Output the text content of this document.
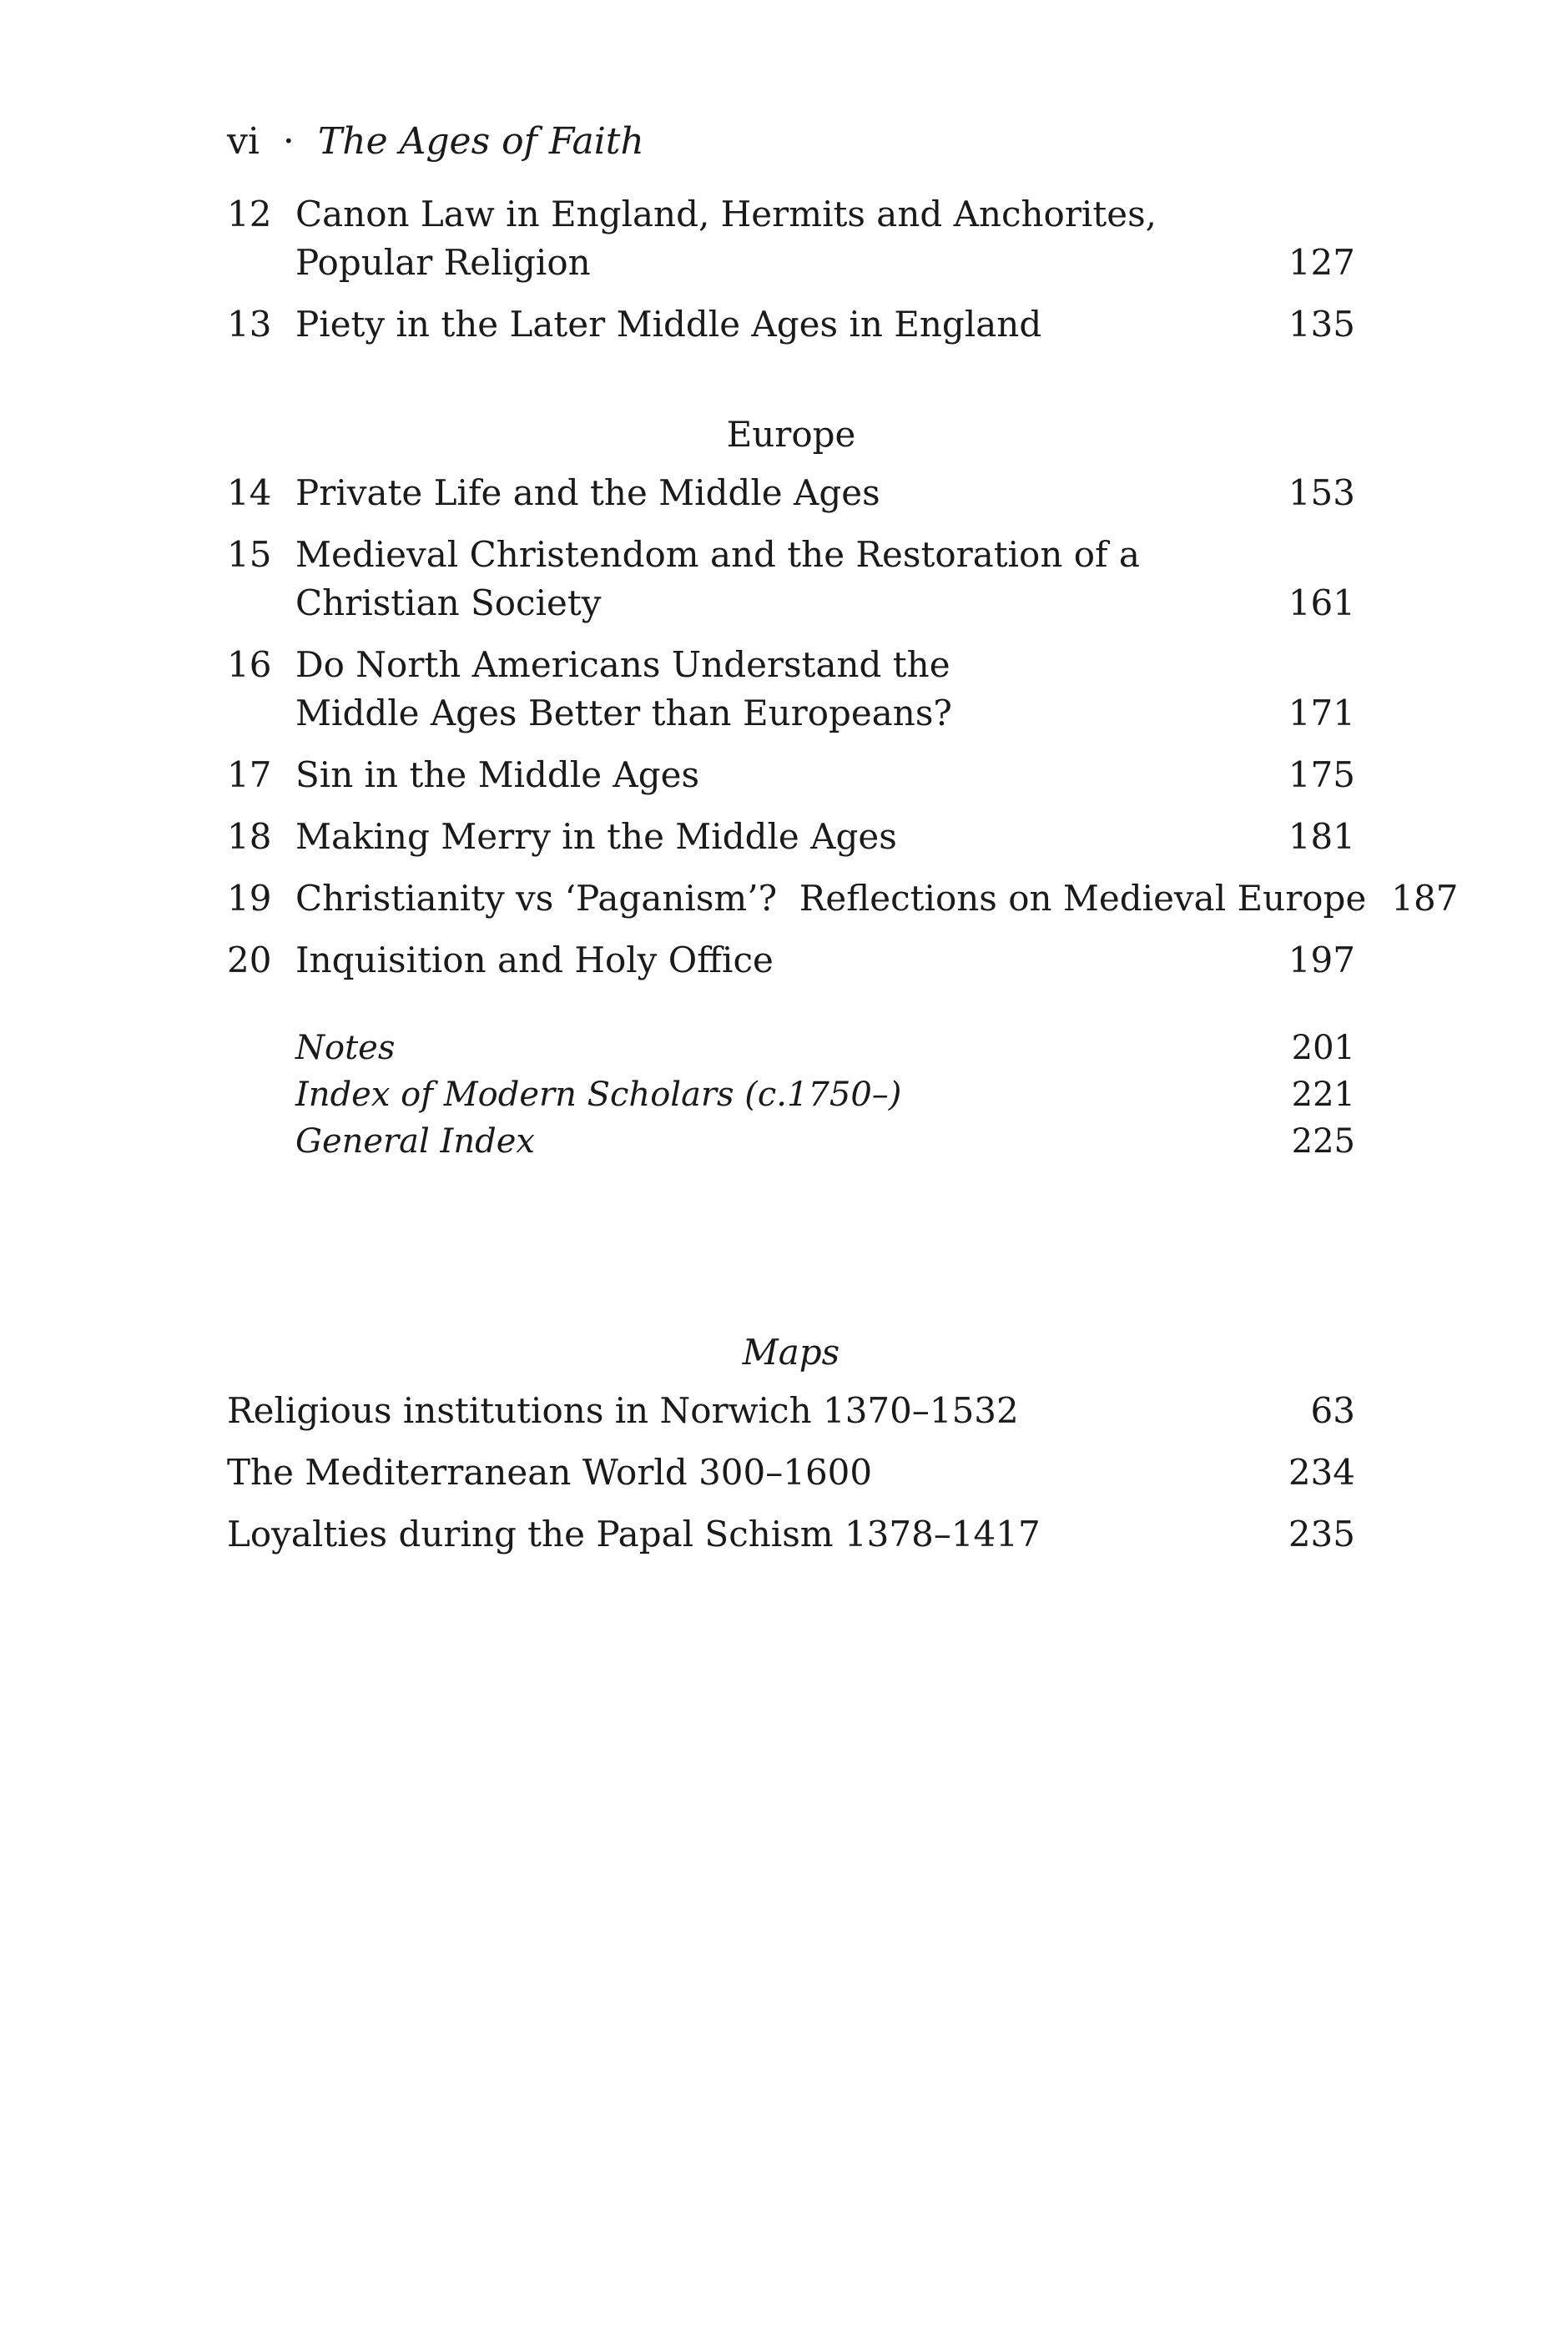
vi  ·  The Ages of Faith
12 Canon Law in England, Hermits and Anchorites, Popular Religion	127
13 Piety in the Later Middle Ages in England	135
Europe
14 Private Life and the Middle Ages	153
15 Medieval Christendom and the Restoration of a Christian Society	161
16 Do North Americans Understand the
Middle Ages Better than Europeans?	171
17 Sin in the Middle Ages	175
18 Making Merry in the Middle Ages	181
19 Christianity vs ‘Paganism’?  Reflections on Medieval Europe 187
20 Inquisition and Holy Office	197
Notes	201
Index of Modern Scholars (c.1750–)	221
General Index	225
Maps
Religious institutions in Norwich 1370–1532	63
The Mediterranean World 300–1600	234
Loyalties during the Papal Schism 1378–1417	235
